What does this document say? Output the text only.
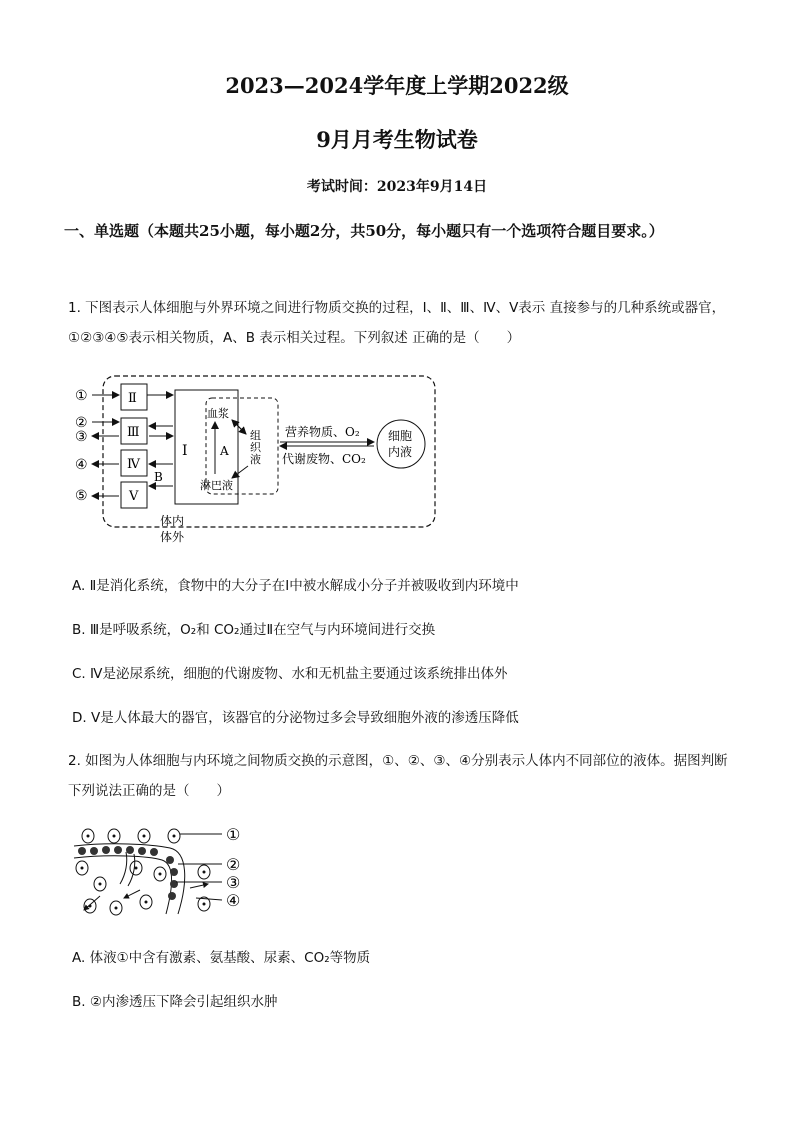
2023—2024学年度上学期2022级
9月月考生物试卷
考试时间：2023年9月14日
一、单选题（本题共25小题，每小题2分，共50分，每小题只有一个选项符合题目要求。）
1. 下图表示人体细胞与外界环境之间进行物质交换的过程，Ⅰ、Ⅱ、Ⅲ、Ⅳ、Ⅴ表示 直接参与的几种系统或器官，①②③④⑤表示相关物质，A、B 表示相关过程。下列叙述 正确的是（　　）
①
②
③
④
⑤
Ⅱ
Ⅲ
Ⅳ
Ⅴ
B
Ⅰ
血浆
淋巴液
组
织
液
A
营养物质、O₂
代谢废物、CO₂
细胞
内液
体内
体外
A. Ⅱ是消化系统，食物中的大分子在Ⅰ中被水解成小分子并被吸收到内环境中
B. Ⅲ是呼吸系统，O₂和 CO₂通过Ⅱ在空气与内环境间进行交换
C. Ⅳ是泌尿系统，细胞的代谢废物、水和无机盐主要通过该系统排出体外
D. Ⅴ是人体最大的器官，该器官的分泌物过多会导致细胞外液的渗透压降低
2. 如图为人体细胞与内环境之间物质交换的示意图，①、②、③、④分别表示人体内不同部位的液体。据图判断下列说法正确的是（　　）
①
②
③
④
A. 体液①中含有激素、氨基酸、尿素、CO₂等物质
B. ②内渗透压下降会引起组织水肿
